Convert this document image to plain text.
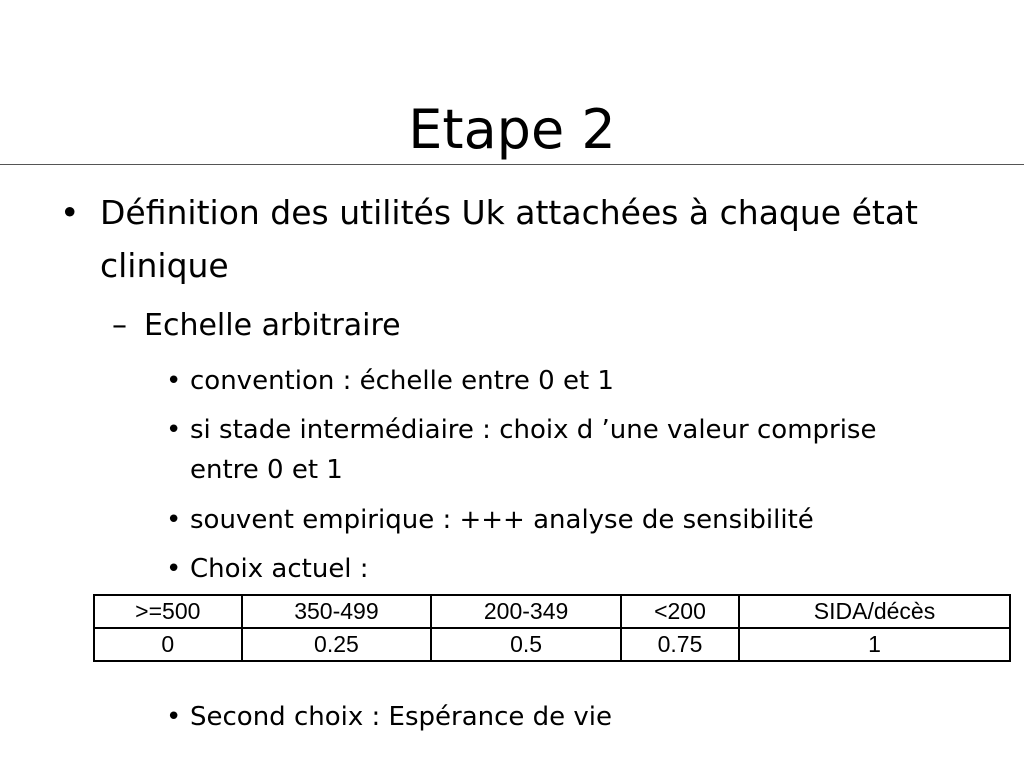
Etape 2
• Définition des utilités Uk attachées à chaque état clinique
– Echelle arbitraire
• convention : échelle entre 0 et 1
• si stade intermédiaire : choix d ’une valeur comprise entre 0 et 1
• souvent empirique : +++ analyse de sensibilité
• Choix actuel :
>=500	350-499	200-349	<200	SIDA/décès
0	0.25	0.5	0.75	1
• Second choix : Espérance de vie
